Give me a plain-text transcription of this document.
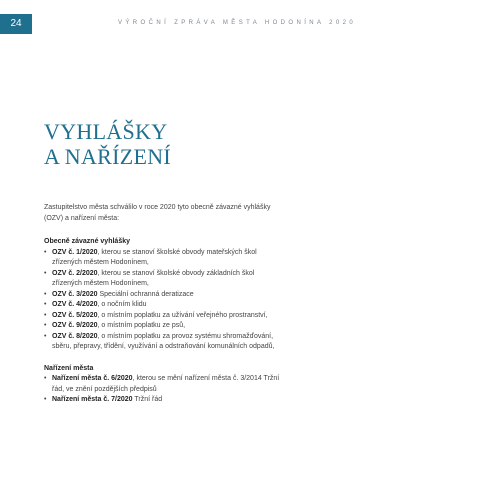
24	VÝROČNÍ ZPRÁVA MĚSTA HODONÍNA 2020
VYHLÁŠKY
A NAŘÍZENÍ

Zastupitelstvo města schválilo v roce 2020 tyto obecně závazné vyhlášky (OZV) a nařízení města:

Obecně závazné vyhlášky

• OZV č. 1/2020, kterou se stanoví školské obvody mateřských škol zřízených městem Hodonínem,
• OZV č. 2/2020, kterou se stanoví školské obvody základních škol zřízených městem Hodonínem,
• OZV č. 3/2020 Speciální ochranná deratizace
• OZV č. 4/2020, o nočním klidu
• OZV č. 5/2020, o místním poplatku za užívání veřejného prostranství,
• OZV č. 9/2020, o místním poplatku ze psů,
• OZV č. 8/2020, o místním poplatku za provoz systému shromažďování, sběru, přepravy, třídění, využívání a odstraňování komunálních odpadů,

Nařízení města

• Nařízení města č. 6/2020, kterou se mění nařízení města č. 3/2014 Tržní řád, ve znění pozdějších předpisů
• Nařízení města č. 7/2020 Tržní řád
